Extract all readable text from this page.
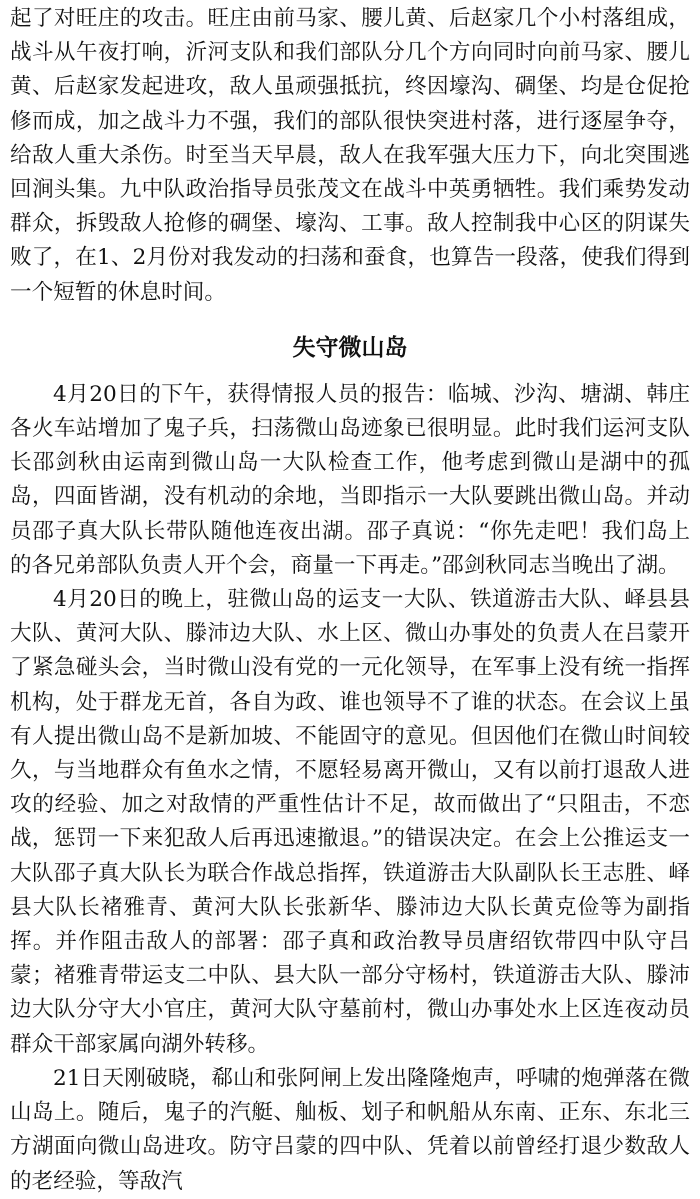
起了对旺庄的攻击。旺庄由前马家、腰儿黄、后赵家几个小村落组成，战斗从午夜打响，沂河支队和我们部队分几个方向同时向前马家、腰儿黄、后赵家发起进攻，敌人虽顽强抵抗，终因壕沟、碉堡、均是仓促抢修而成，加之战斗力不强，我们的部队很快突进村落，进行逐屋争夺，给敌人重大杀伤。时至当天早晨，敌人在我军强大压力下，向北突围逃回涧头集。九中队政治指导员张茂文在战斗中英勇牺牲。我们乘势发动群众，拆毁敌人抢修的碉堡、壕沟、工事。敌人控制我中心区的阴谋失败了，在1、2月份对我发动的扫荡和蚕食，也算告一段落，使我们得到一个短暂的休息时间。

失守微山岛

4月20日的下午，获得情报人员的报告：临城、沙沟、塘湖、韩庄各火车站增加了鬼子兵，扫荡微山岛迹象已很明显。此时我们运河支队长邵剑秋由运南到微山岛一大队检查工作，他考虑到微山是湖中的孤岛，四面皆湖，没有机动的余地，当即指示一大队要跳出微山岛。并动员邵子真大队长带队随他连夜出湖。邵子真说：“你先走吧！我们岛上的各兄弟部队负责人开个会，商量一下再走。”邵剑秋同志当晚出了湖。

4月20日的晚上，驻微山岛的运支一大队、铁道游击大队、峄县县大队、黄河大队、滕沛边大队、水上区、微山办事处的负责人在吕蒙开了紧急碰头会，当时微山没有党的一元化领导，在军事上没有统一指挥机构，处于群龙无首，各自为政、谁也领导不了谁的状态。在会议上虽有人提出微山岛不是新加坡、不能固守的意见。但因他们在微山时间较久，与当地群众有鱼水之情，不愿轻易离开微山，又有以前打退敌人进攻的经验、加之对敌情的严重性估计不足，故而做出了“只阻击，不恋战，惩罚一下来犯敌人后再迅速撤退。”的错误决定。在会上公推运支一大队邵子真大队长为联合作战总指挥，铁道游击大队副队长王志胜、峄县大队长褚雅青、黄河大队长张新华、滕沛边大队长黄克俭等为副指挥。并作阻击敌人的部署：邵子真和政治教导员唐绍钦带四中队守吕蒙；褚雅青带运支二中队、县大队一部分守杨村，铁道游击大队、滕沛边大队分守大小官庄，黄河大队守墓前村，微山办事处水上区连夜动员群众干部家属向湖外转移。

21日天刚破晓，郗山和张阿闸上发出隆隆炮声，呼啸的炮弹落在微山岛上。随后，鬼子的汽艇、舢板、划子和帆船从东南、正东、东北三方湖面向微山岛进攻。防守吕蒙的四中队、凭着以前曾经打退少数敌人的老经验，等敌汽
